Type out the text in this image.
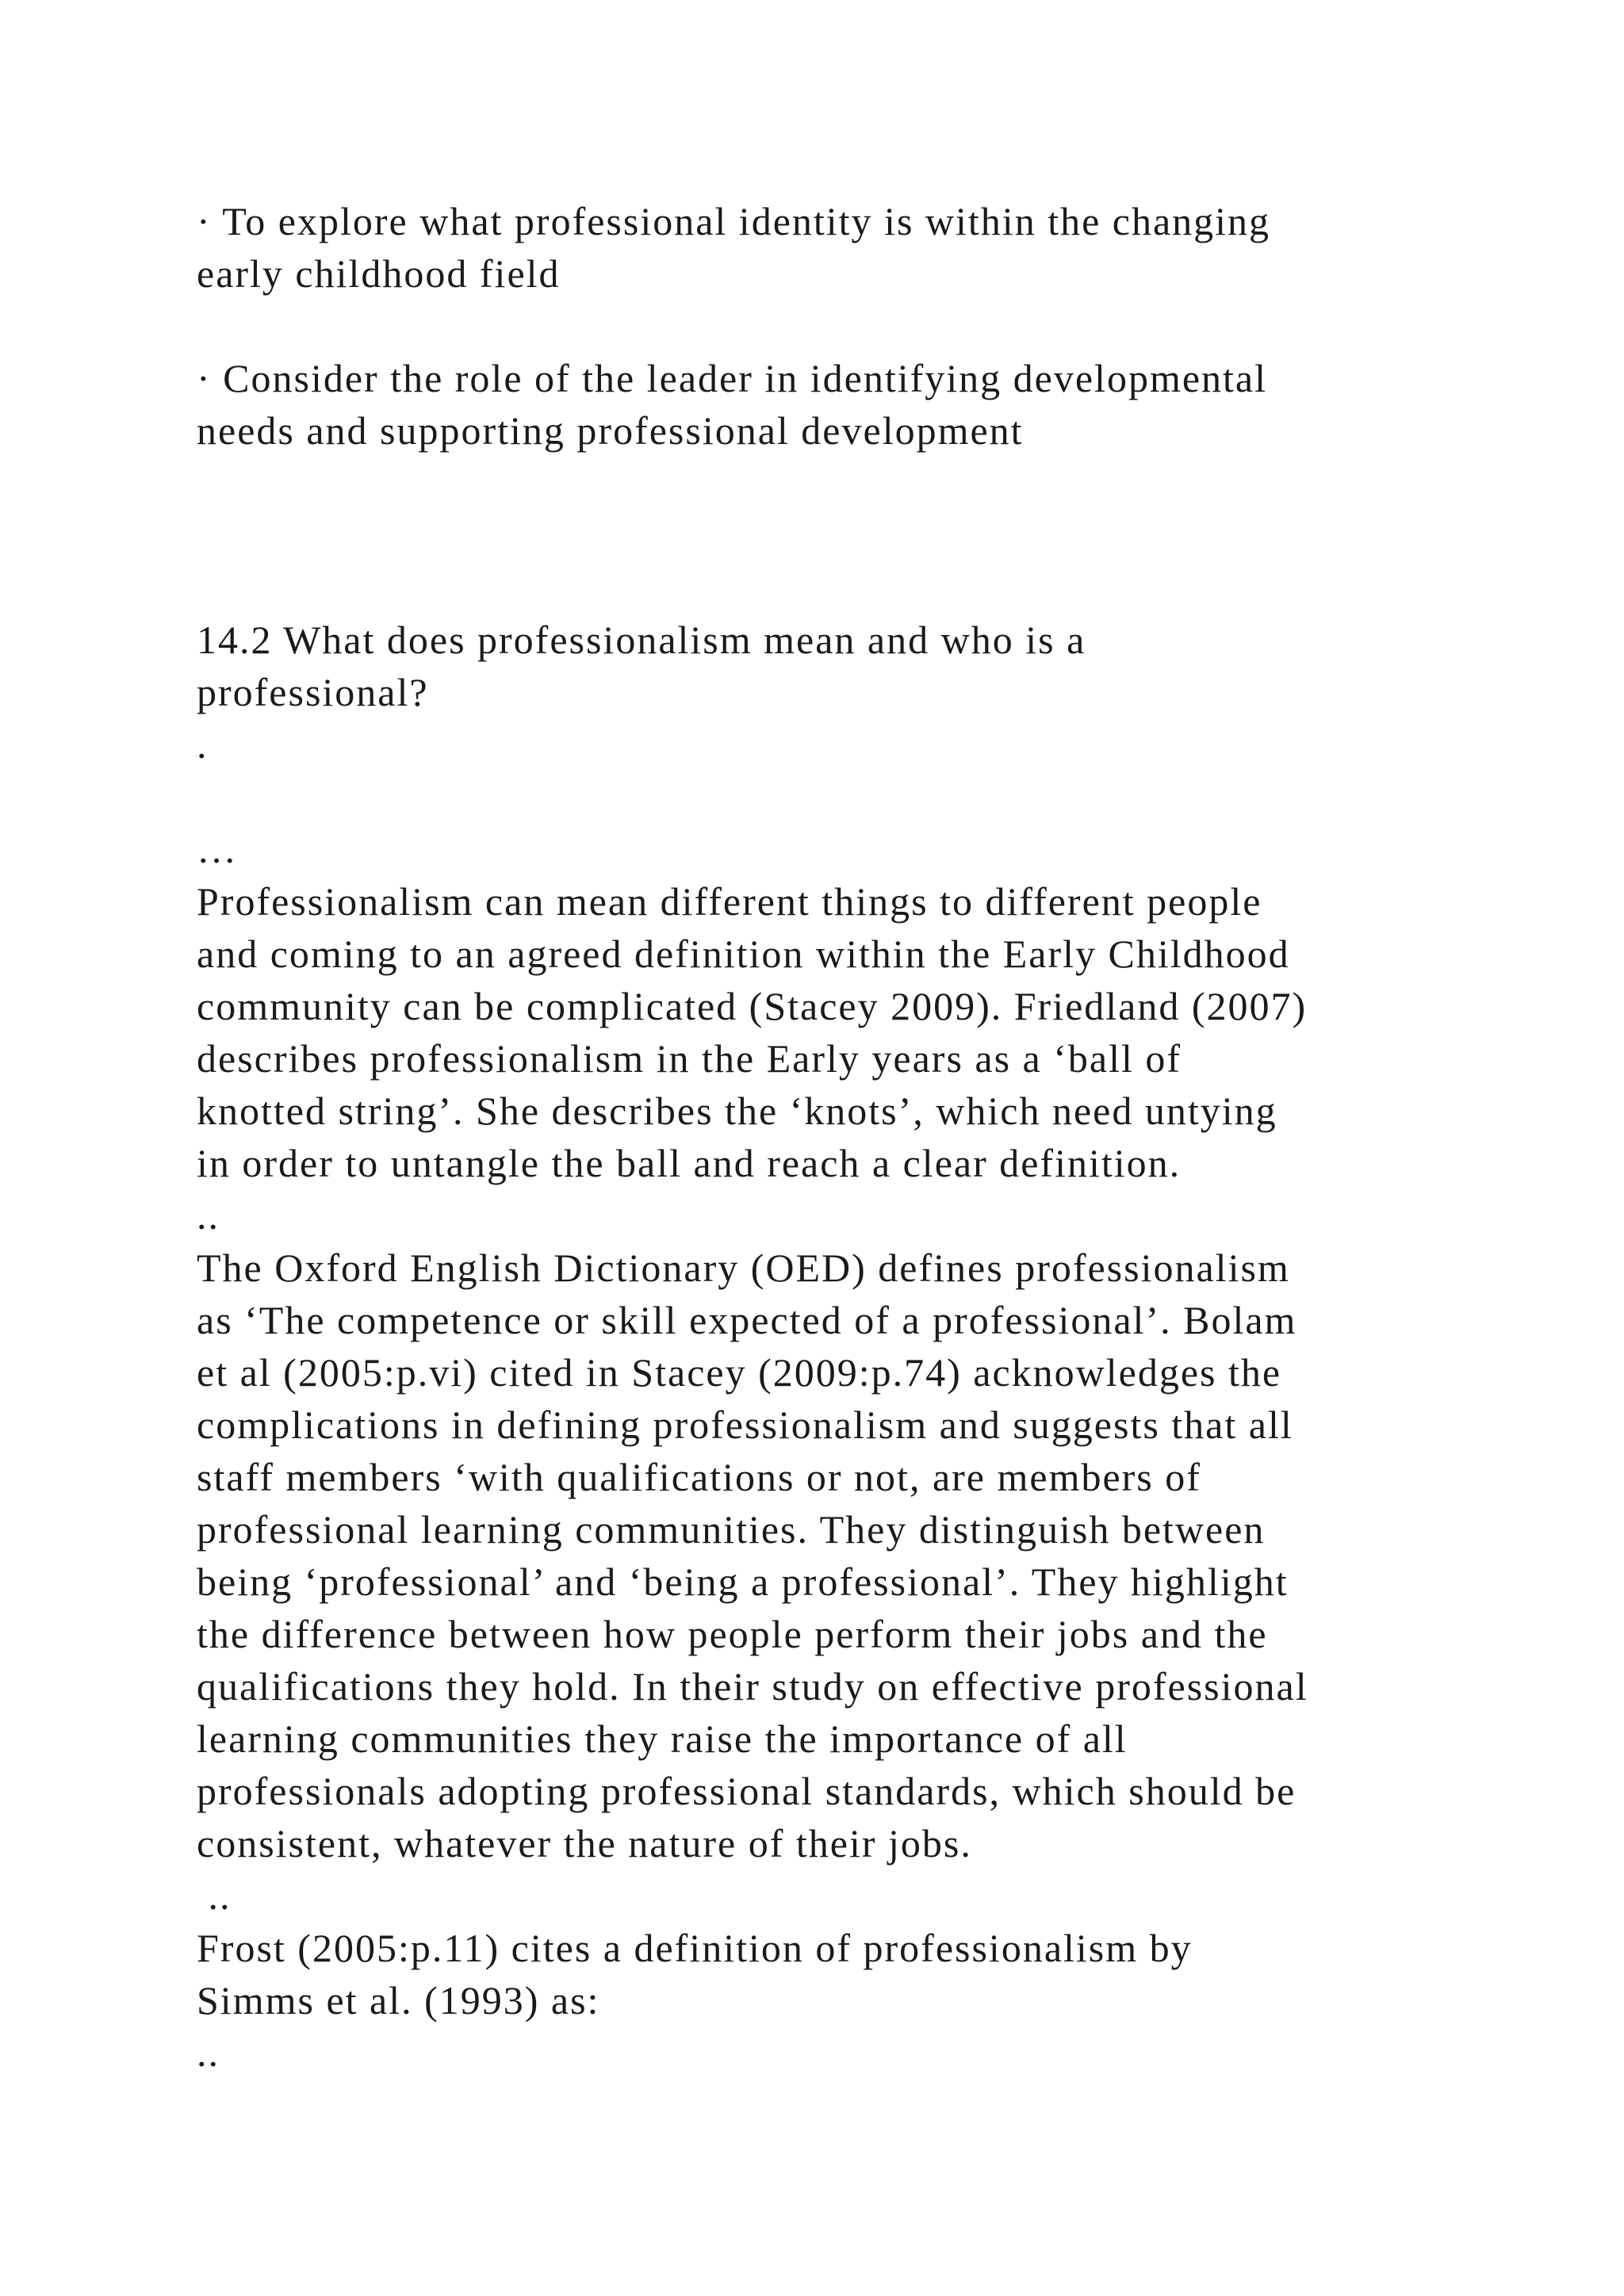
· To explore what professional identity is within the changing
early childhood field

· Consider the role of the leader in identifying developmental
needs and supporting professional development

14.2 What does professionalism mean and who is a
professional?

.

…

Professionalism can mean different things to different people
and coming to an agreed definition within the Early Childhood
community can be complicated (Stacey 2009). Friedland (2007)
describes professionalism in the Early years as a ‘ball of
knotted string’. She describes the ‘knots’, which need untying
in order to untangle the ball and reach a clear definition.

..

The Oxford English Dictionary (OED) defines professionalism
as ‘The competence or skill expected of a professional’. Bolam
et al (2005:p.vi) cited in Stacey (2009:p.74) acknowledges the
complications in defining professionalism and suggests that all
staff members ‘with qualifications or not, are members of
professional learning communities. They distinguish between
being ‘professional’ and ‘being a professional’. They highlight
the difference between how people perform their jobs and the
qualifications they hold. In their study on effective professional
learning communities they raise the importance of all
professionals adopting professional standards, which should be
consistent, whatever the nature of their jobs.

..

Frost (2005:p.11) cites a definition of professionalism by
Simms et al. (1993) as:

..
